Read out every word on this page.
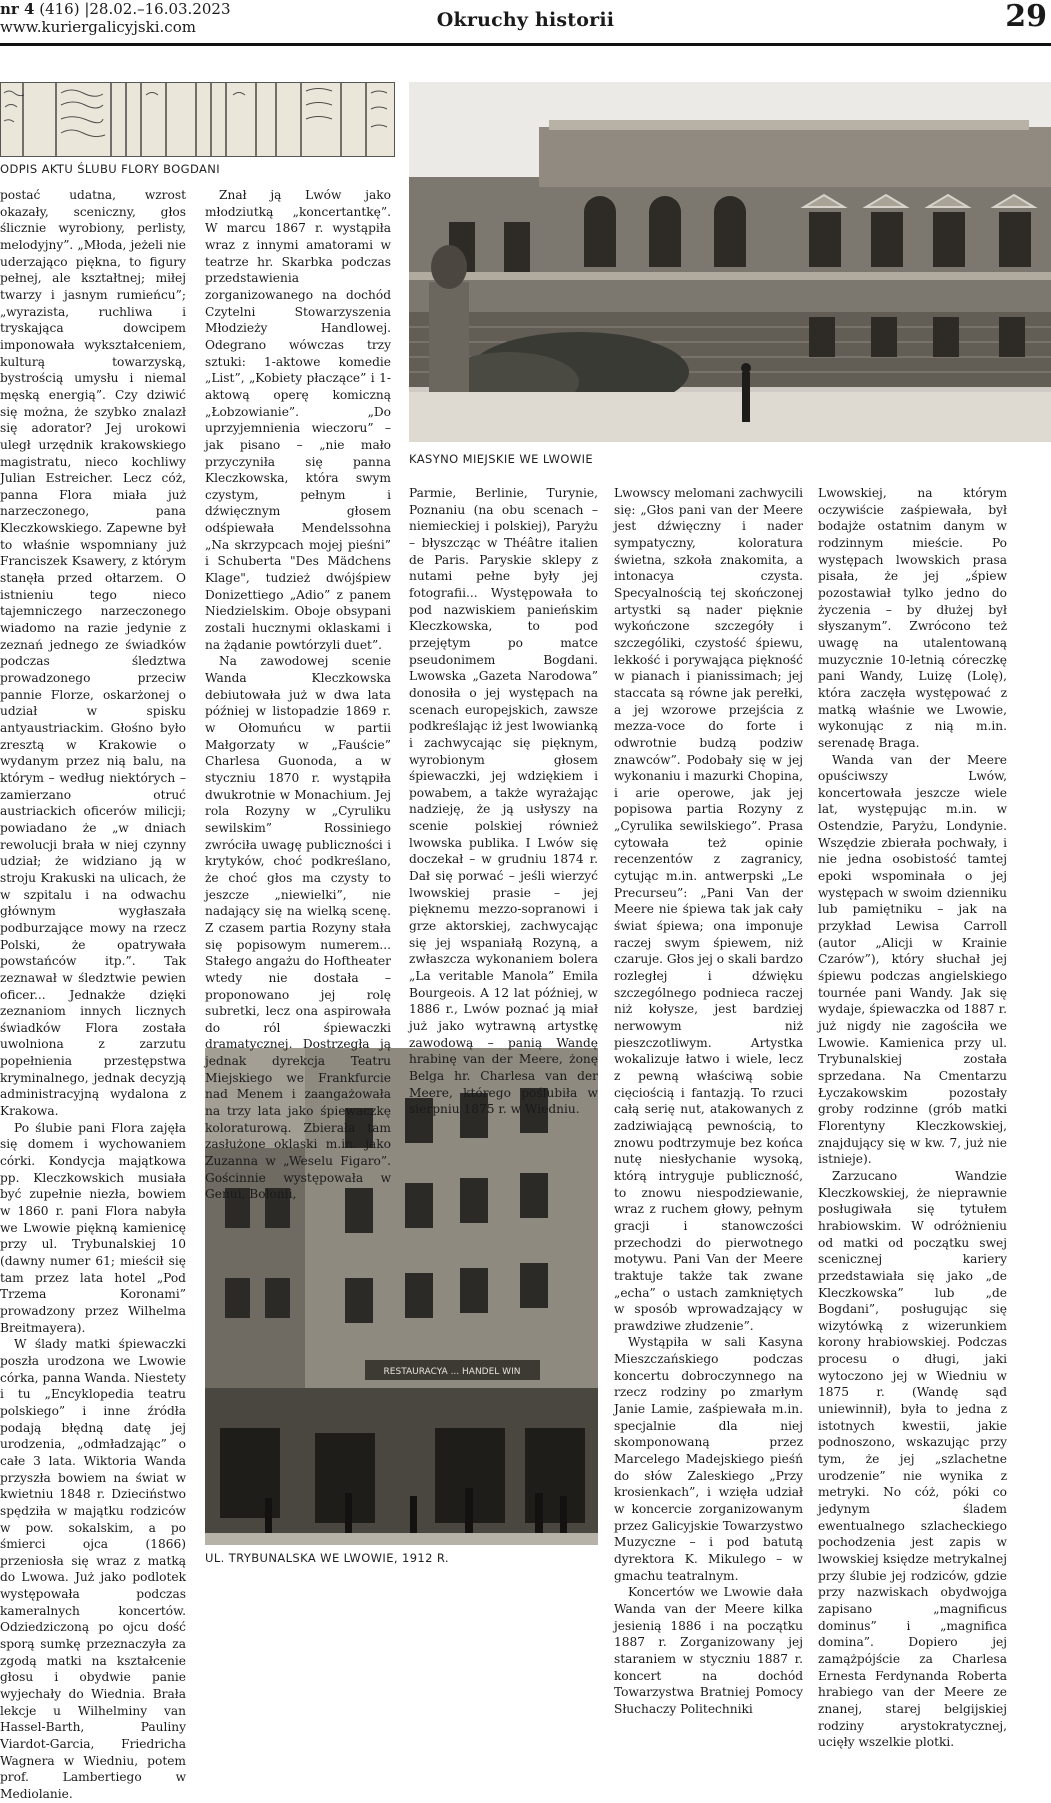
nr 4 (416) |28.02.–16.03.2023
www.kuriergalicyjski.com	Okruchy historii	29
ODPIS AKTU ŚLUBU FLORY BOGDANI
KASYNO MIEJSKIE WE LWOWIE
RESTAURACYA ... HANDEL WIN
UL. TRYBUNALSKA WE LWOWIE, 1912 R.

postać udatna, wzrost okazały, sceniczny, głos ślicznie wyrobiony, perlisty, melodyjny”. „Młoda, jeżeli nie uderzająco piękna, to figury pełnej, ale kształtnej; miłej twarzy i jasnym rumieńcu”; „wyrazista, ruchliwa i tryskająca dowcipem imponowała wykształceniem, kulturą towarzyską, bystrością umysłu i niemal męską energią”. Czy dziwić się można, że szybko znalazł się adorator? Jej urokowi uległ urzędnik krakowskiego magistratu, nieco kochliwy Julian Estreicher. Lecz cóż, panna Flora miała już narzeczonego, pana Kleczkowskiego. Zapewne był to właśnie wspomniany już Franciszek Ksawery, z którym stanęła przed ołtarzem. O istnieniu tego nieco tajemniczego narzeczonego wiadomo na razie jedynie z zeznań jednego ze świadków podczas śledztwa prowadzonego przeciw pannie Florze, oskarżonej o udział w spisku antyaustriackim. Głośno było zresztą w Krakowie o wydanym przez nią balu, na którym – według niektórych – zamierzano otruć austriackich oficerów milicji; powiadano że „w dniach rewolucji brała w niej czynny udział; że widziano ją w stroju Krakuski na ulicach, że w szpitalu i na odwachu głównym wygłaszała podburzające mowy na rzecz Polski, że opatrywała powstańców itp.”. Tak zeznawał w śledztwie pewien oficer... Jednakże dzięki zeznaniom innych licznych świadków Flora została uwolniona z zarzutu popełnienia przestępstwa kryminalnego, jednak decyzją administracyjną wydalona z Krakowa.

Po ślubie pani Flora zajęła się domem i wychowaniem córki. Kondycja majątkowa pp. Kleczkowskich musiała być zupełnie niezła, bowiem w 1860 r. pani Flora nabyła we Lwowie piękną kamienicę przy ul. Trybunalskiej 10 (dawny numer 61; mieścił się tam przez lata hotel „Pod Trzema Koronami” prowadzony przez Wilhelma Breitmayera).

W ślady matki śpiewaczki poszła urodzona we Lwowie córka, panna Wanda. Niestety i tu „Encyklopedia teatru polskiego” i inne źródła podają błędną datę jej urodzenia, „odmładzając” o całe 3 lata. Wiktoria Wanda przyszła bowiem na świat w kwietniu 1848 r. Dzieciństwo spędziła w majątku rodziców w pow. sokalskim, a po śmierci ojca (1866) przeniosła się wraz z matką do Lwowa. Już jako podlotek występowała podczas kameralnych koncertów. Odziedziczoną po ojcu dość sporą sumkę przeznaczyła za zgodą matki na kształcenie głosu i obydwie panie wyjechały do Wiednia. Brała lekcje u Wilhelminy van Hassel-Barth, Pauliny Viardot-Garcia, Friedricha Wagnera w Wiedniu, potem prof. Lambertiego w Mediolanie.

Znał ją Lwów jako młodziutką „koncertantkę”. W marcu 1867 r. wystąpiła wraz z innymi amatorami w teatrze hr. Skarbka podczas przedstawienia zorganizowanego na dochód Czytelni Stowarzyszenia Młodzieży Handlowej. Odegrano wówczas trzy sztuki: 1-aktowe komedie „List”, „Kobiety płaczące” i 1-aktową operę komiczną „Łobzowianie”. „Do uprzyjemnienia wieczoru” – jak pisano – „nie mało przyczyniła się panna Kleczkowska, która swym czystym, pełnym i dźwięcznym głosem odśpiewała Mendelssohna „Na skrzypcach mojej pieśni” i Schuberta "Des Mädchens Klage", tudzież dwójśpiew Donizettiego „Adio” z panem Niedzielskim. Oboje obsypani zostali hucznymi oklaskami i na żądanie powtórzyli duet”.

Na zawodowej scenie Wanda Kleczkowska debiutowała już w dwa lata później w listopadzie 1869 r. w Ołomuńcu w partii Małgorzaty w „Fauście” Charlesa Guonoda, a w styczniu 1870 r. wystąpiła dwukrotnie w Monachium. Jej rola Rozyny w „Cyruliku sewilskim” Rossiniego zwróciła uwagę publiczności i krytyków, choć podkreślano, że choć głos ma czysty to jeszcze „niewielki”, nie nadający się na wielką scenę. Z czasem partia Rozyny stała się popisowym numerem... Stałego angażu do Hoftheater wtedy nie dostała – proponowano jej rolę subretki, lecz ona aspirowała do ról śpiewaczki dramatycznej. Dostrzegła ją jednak dyrekcja Teatru Miejskiego we Frankfurcie nad Menem i zaangażowała na trzy lata jako śpiewaczkę koloraturową. Zbierała tam zasłużone oklaski m.in. jako Zuzanna w „Weselu Figaro”. Gościnnie występowała w Genui, Bolonii,

Parmie, Berlinie, Turynie, Poznaniu (na obu scenach – niemieckiej i polskiej), Paryżu – błyszcząc w Théâtre italien de Paris. Paryskie sklepy z nutami pełne były jej fotografii... Występowała to pod nazwiskiem panieńskim Kleczkowska, to pod przejętym po matce pseudonimem Bogdani. Lwowska „Gazeta Narodowa” donosiła o jej występach na scenach europejskich, zawsze podkreślając iż jest lwowianką i zachwycając się pięknym, wyrobionym głosem śpiewaczki, jej wdziękiem i powabem, a także wyrażając nadzieję, że ją usłyszy na scenie polskiej również lwowska publika. I Lwów się doczekał – w grudniu 1874 r. Dał się porwać – jeśli wierzyć lwowskiej prasie – jej pięknemu mezzo-sopranowi i grze aktorskiej, zachwycając się jej wspaniałą Rozyną, a zwłaszcza wykonaniem bolera „La veritable Manola” Emila Bourgeois. A 12 lat później, w 1886 r., Lwów poznać ją miał już jako wytrawną artystkę zawodową – panią Wandę hrabinę van der Meere, żonę Belga hr. Charlesa van der Meere, którego poślubiła w sierpniu 1875 r. w Wiedniu.

Lwowscy melomani zachwycili się: „Głos pani van der Meere jest dźwięczny i nader sympatyczny, koloratura świetna, szkoła znakomita, a intonacya czysta. Specyalnością tej skończonej artystki są nader pięknie wykończone szczegóły i szczególiki, czystość śpiewu, lekkość i porywająca piękność w pianach i pianissimach; jej staccata są równe jak perełki, a jej wzorowe przejścia z mezza-voce do forte i odwrotnie budzą podziw znawców”. Podobały się w jej wykonaniu i mazurki Chopina, i arie operowe, jak jej popisowa partia Rozyny z „Cyrulika sewilskiego”. Prasa cytowała też opinie recenzentów z zagranicy, cytując m.in. antwerpski „Le Precurseu”: „Pani Van der Meere nie śpiewa tak jak cały świat śpiewa; ona imponuje raczej swym śpiewem, niż czaruje. Głos jej o skali bardzo rozległej i dźwięku szczególnego podnieca raczej niż kołysze, jest bardziej nerwowym niż pieszczotliwym. Artystka wokalizuje łatwo i wiele, lecz z pewną właściwą sobie cięciością i fantazją. To rzuci całą serię nut, atakowanych z zadziwiającą pewnością, to znowu podtrzymuje bez końca nutę niesłychanie wysoką, którą intryguje publiczność, to znowu niespodziewanie, wraz z ruchem głowy, pełnym gracji i stanowczości przechodzi do pierwotnego motywu. Pani Van der Meere traktuje także tak zwane „echa” o ustach zamkniętych w sposób wprowadzający w prawdziwe złudzenie”.

Wystąpiła w sali Kasyna Mieszczańskiego podczas koncertu dobroczynnego na rzecz rodziny po zmarłym Janie Lamie, zaśpiewała m.in. specjalnie dla niej skomponowaną przez Marcelego Madejskiego pieśń do słów Zaleskiego „Przy krosienkach”, i wzięła udział w koncercie zorganizowanym przez Galicyjskie Towarzystwo Muzyczne – i pod batutą dyrektora K. Mikulego – w gmachu teatralnym.

Koncertów we Lwowie dała Wanda van der Meere kilka jesienią 1886 i na początku 1887 r. Zorganizowany jej staraniem w styczniu 1887 r. koncert na dochód Towarzystwa Bratniej Pomocy Słuchaczy Politechniki

Lwowskiej, na którym oczywiście zaśpiewała, był bodajże ostatnim danym w rodzinnym mieście. Po występach lwowskich prasa pisała, że jej „śpiew pozostawiał tylko jedno do życzenia – by dłużej był słyszanym”. Zwrócono też uwagę na utalentowaną muzycznie 10-letnią córeczkę pani Wandy, Luizę (Lolę), która zaczęła występować z matką właśnie we Lwowie, wykonując z nią m.in. serenadę Braga.

Wanda van der Meere opuściwszy Lwów, koncertowała jeszcze wiele lat, występując m.in. w Ostendzie, Paryżu, Londynie. Wszędzie zbierała pochwały, i nie jedna osobistość tamtej epoki wspominała o jej występach w swoim dzienniku lub pamiętniku – jak na przykład Lewisa Carroll (autor „Alicji w Krainie Czarów”), który słuchał jej śpiewu podczas angielskiego tournée pani Wandy. Jak się wydaje, śpiewaczka od 1887 r. już nigdy nie zagościła we Lwowie. Kamienica przy ul. Trybunalskiej została sprzedana. Na Cmentarzu Łyczakowskim pozostały groby rodzinne (grób matki Florentyny Kleczkowskiej, znajdujący się w kw. 7, już nie istnieje).

Zarzucano Wandzie Kleczkowskiej, że nieprawnie posługiwała się tytułem hrabiowskim. W odróżnieniu od matki od początku swej scenicznej kariery przedstawiała się jako „de Kleczkowska” lub „de Bogdani”, posługując się wizytówką z wizerunkiem korony hrabiowskiej. Podczas procesu o długi, jaki wytoczono jej w Wiedniu w 1875 r. (Wandę sąd uniewinnił), była to jedna z istotnych kwestii, jakie podnoszono, wskazując przy tym, że jej „szlachetne urodzenie” nie wynika z metryki. No cóż, póki co jedynym śladem ewentualnego szlacheckiego pochodzenia jest zapis w lwowskiej księdze metrykalnej przy ślubie jej rodziców, gdzie przy nazwiskach obydwojga zapisano „magnificus dominus” i „magnifica domina”. Dopiero jej zamążpójście za Charlesa Ernesta Ferdynanda Roberta hrabiego van der Meere ze znanej, starej belgijskiej rodziny arystokratycznej, ucięły wszelkie plotki.
